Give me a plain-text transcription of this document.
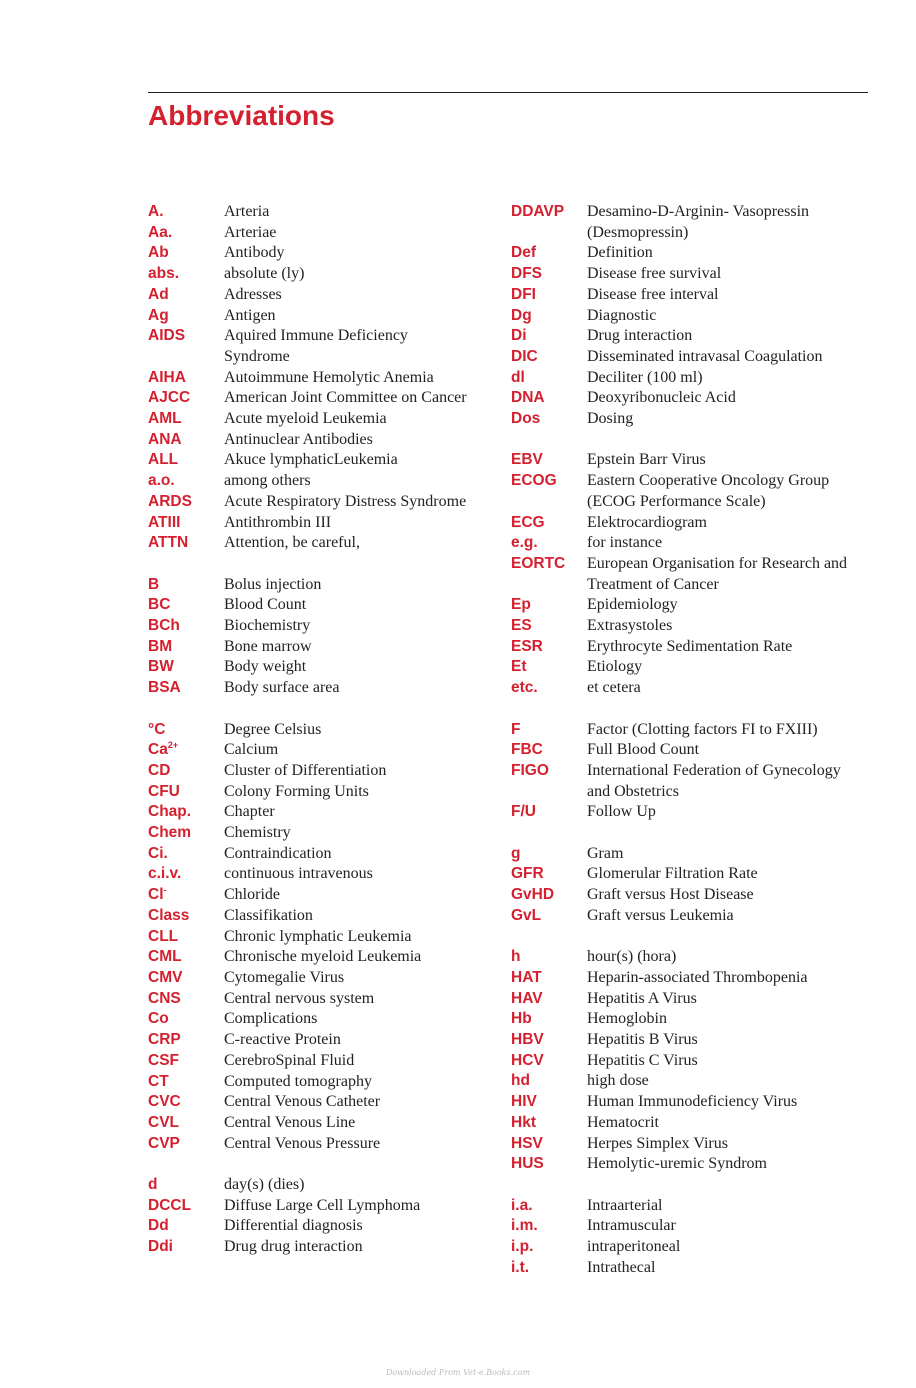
Abbreviations
A.	Arteria
Aa.	Arteriae
Ab	Antibody
abs.	absolute (ly)
Ad	Adresses
Ag	Antigen
AIDS	Aquired Immune Deficiency Syndrome
AIHA	Autoimmune Hemolytic Anemia
AJCC	American Joint Committee on Cancer
AML	Acute myeloid Leukemia
ANA	Antinuclear Antibodies
ALL	Akuce lymphaticLeukemia
a.o.	among others
ARDS	Acute Respiratory Distress Syndrome
ATIII	Antithrombin III
ATTN	Attention, be careful,
B	Bolus injection
BC	Blood Count
BCh	Biochemistry
BM	Bone marrow
BW	Body weight
BSA	Body surface area
°C	Degree Celsius
$Ca^{2+}$	Calcium
CD	Cluster of Differentiation
CFU	Colony Forming Units
Chap.	Chapter
Chem	Chemistry
Ci.	Contraindication
c.i.v.	continuous intravenous
Cl-	Chloride
Class	Classifikation
CLL	Chronic lymphatic Leukemia
CML	Chronische myeloid Leukemia
CMV	Cytomegalie Virus
CNS	Central nervous system
Co	Complications
CRP	C-reactive Protein
CSF	CerebroSpinal Fluid
CT	Computed tomography
CVC	Central Venous Catheter
CVL	Central Venous Line
CVP	Central Venous Pressure
d	day(s) (dies)
DCCL	Diffuse Large Cell Lymphoma
Dd	Differential diagnosis
Ddi	Drug drug interaction
DDAVP	Desamino-D-Arginin- Vasopressin (Desmopressin)
Def	Definition
DFS	Disease free survival
DFI	Disease free interval
Dg	Diagnostic
Di	Drug interaction
DIC	Disseminated intravasal Coagulation
dl	Deciliter (100 ml)
DNA	Deoxyribonucleic Acid
Dos	Dosing
EBV	Epstein Barr Virus
ECOG	Eastern Cooperative Oncology Group (ECOG Performance Scale)
ECG	Elektrocardiogram
e.g.	for instance
EORTC	European Organisation for Research and Treatment of Cancer
Ep	Epidemiology
ES	Extrasystoles
ESR	Erythrocyte Sedimentation Rate
Et	Etiology
etc.	et cetera
F	Factor (Clotting factors FI to FXIII)
FBC	Full Blood Count
FIGO	International Federation of Gynecology and Obstetrics
F/U	Follow Up
g	Gram
GFR	Glomerular Filtration Rate
GvHD	Graft versus Host Disease
GvL	Graft versus Leukemia
h	hour(s) (hora)
HAT	Heparin-associated Thrombopenia
HAV	Hepatitis A Virus
Hb	Hemoglobin
HBV	Hepatitis B Virus
HCV	Hepatitis C Virus
hd	high dose
HIV	Human Immunodeficiency Virus
Hkt	Hematocrit
HSV	Herpes Simplex Virus
HUS	Hemolytic-uremic Syndrom
i.a.	Intraarterial
i.m.	Intramuscular
i.p.	intraperitoneal
i.t.	Intrathecal
Downloaded From Vet-e.Books.com
